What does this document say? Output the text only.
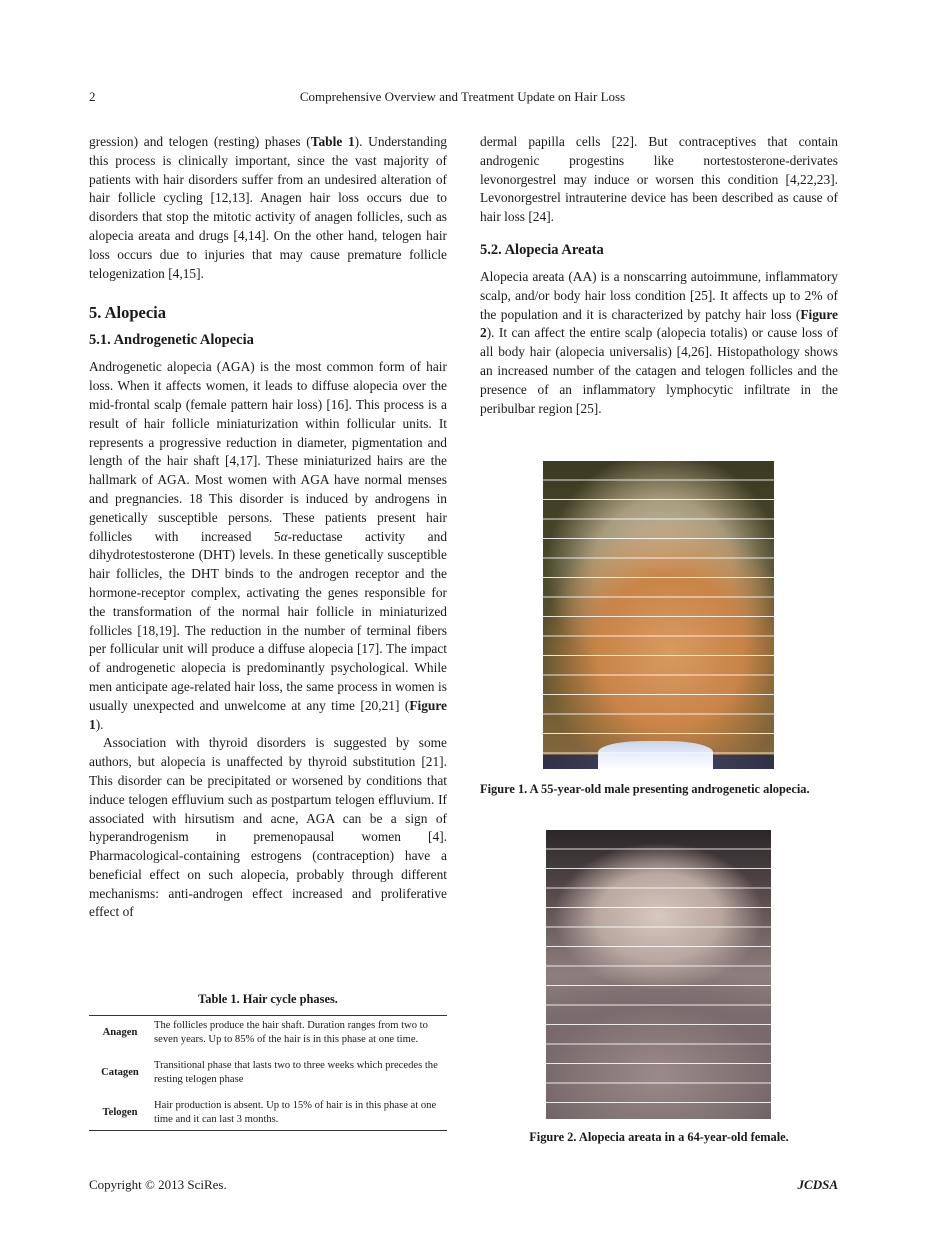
2	Comprehensive Overview and Treatment Update on Hair Loss

gression) and telogen (resting) phases (Table 1). Understanding this process is clinically important, since the vast majority of patients with hair disorders suffer from an undesired alteration of hair follicle cycling [12,13]. Anagen hair loss occurs due to disorders that stop the mitotic activity of anagen follicles, such as alopecia areata and drugs [4,14]. On the other hand, telogen hair loss occurs due to injuries that may cause premature follicle telogenization [4,15].

5. Alopecia
5.1. Androgenetic Alopecia

Androgenetic alopecia (AGA) is the most common form of hair loss. When it affects women, it leads to diffuse alopecia over the mid-frontal scalp (female pattern hair loss) [16]. This process is a result of hair follicle miniaturization within follicular units. It represents a progressive reduction in diameter, pigmentation and length of the hair shaft [4,17]. These miniaturized hairs are the hallmark of AGA. Most women with AGA have normal menses and pregnancies. 18 This disorder is induced by androgens in genetically susceptible persons. These patients present hair follicles with increased 5α-reductase activity and dihydrotestosterone (DHT) levels. In these genetically susceptible hair follicles, the DHT binds to the androgen receptor and the hormone-receptor complex, activating the genes responsible for the transformation of the normal hair follicle in miniaturized follicles [18,19]. The reduction in the number of terminal fibers per follicular unit will produce a diffuse alopecia [17]. The impact of androgenetic alopecia is predominantly psychological. While men anticipate age-related hair loss, the same process in women is usually unexpected and unwelcome at any time [20,21] (Figure 1).

Association with thyroid disorders is suggested by some authors, but alopecia is unaffected by thyroid substitution [21]. This disorder can be precipitated or worsened by conditions that induce telogen effluvium such as postpartum telogen effluvium. If associated with hirsutism and acne, AGA can be a sign of hyperandrogenism in premenopausal women [4]. Pharmacological-containing estrogens (contraception) have a beneficial effect on such alopecia, probably through different mechanisms: anti-androgen effect increased and proliferative effect of

Table 1. Hair cycle phases.
Anagen	The follicles produce the hair shaft. Duration ranges from two to seven years. Up to 85% of the hair is in this phase at one time.

Catagen	Transitional phase that lasts two to three weeks which precedes the resting telogen phase

Telogen	Hair production is absent. Up to 15% of hair is in this phase at one time and it can last 3 months.

dermal papilla cells [22]. But contraceptives that contain androgenic progestins like nortestosterone-derivates levonorgestrel may induce or worsen this condition [4,22,23]. Levonorgestrel intrauterine device has been described as cause of hair loss [24].

5.2. Alopecia Areata

Alopecia areata (AA) is a nonscarring autoimmune, inflammatory scalp, and/or body hair loss condition [25]. It affects up to 2% of the population and it is characterized by patchy hair loss (Figure 2). It can affect the entire scalp (alopecia totalis) or cause loss of all body hair (alopecia universalis) [4,26]. Histopathology shows an increased number of the catagen and telogen follicles and the presence of an inflammatory lymphocytic infiltrate in the peribulbar region [25].

Figure 1. A 55-year-old male presenting androgenetic alopecia.
Figure 2. Alopecia areata in a 64-year-old female.
Copyright © 2013 SciRes.	JCDSA
